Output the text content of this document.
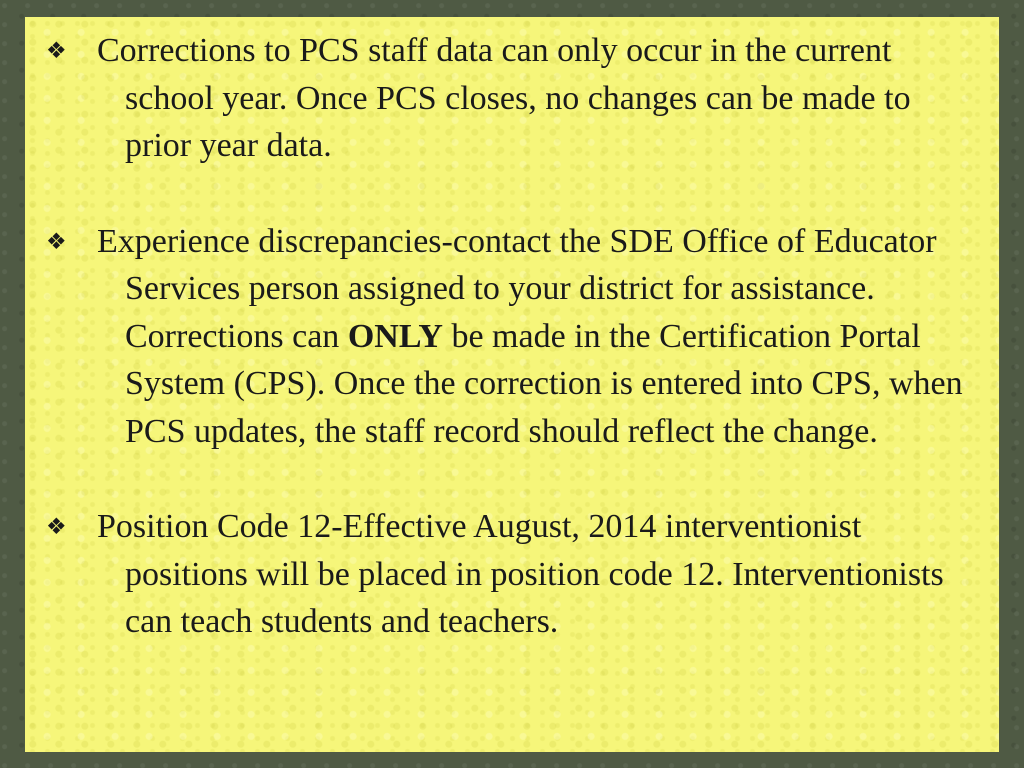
❖ Corrections to PCS staff data can only occur in the current school year. Once PCS closes, no changes can be made to prior year data.
❖ Experience discrepancies-contact the SDE Office of Educator Services person assigned to your district for assistance. Corrections can ONLY be made in the Certification Portal System (CPS). Once the correction is entered into CPS, when PCS updates, the staff record should reflect the change.
❖ Position Code 12-Effective August, 2014 interventionist positions will be placed in position code 12. Interventionists can teach students and teachers.
